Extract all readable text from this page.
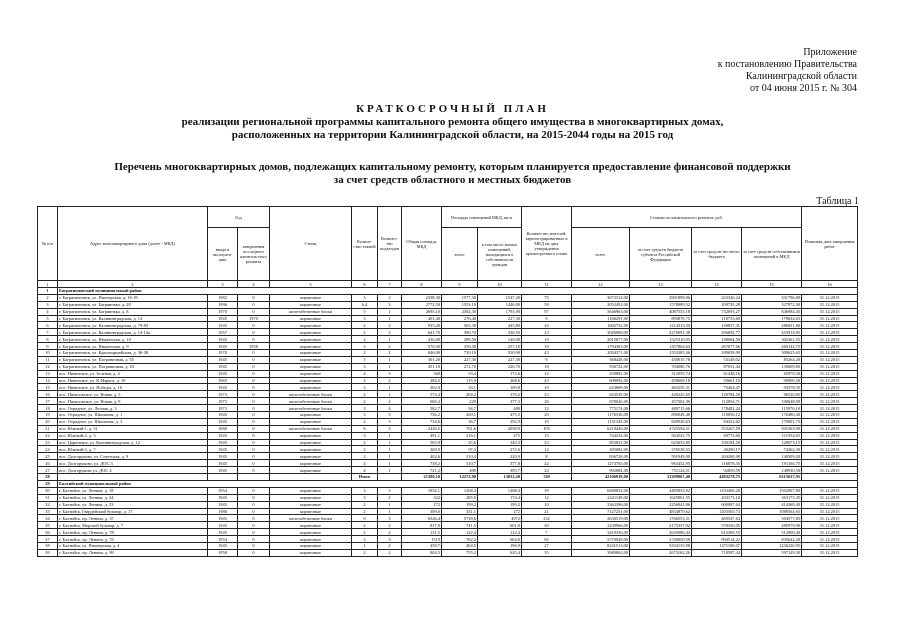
Приложение
к постановлению Правительства
Калининградской области
от 04 июня 2015 г. № 304
КРАТКОСРОЧНЫЙ ПЛАН
реализации региональной программы капитального ремонта общего имущества в многоквартирных домах,
расположенных на территории Калининградской области, на 2015-2044 годы на 2015 год
Перечень многоквартирных домов, подлежащих капитальному ремонту, которым планируется предоставление финансовой поддержки
за счет средств областного и местных бюджетов
Таблица 1
№ п/п	Адрес многоквартирного дома (далее - МКД)	Год		Стены	Количе-ство этажей	Количес-тво подъездов	Общая площадь МКД	Площадь помещений МКД, кв.м		Количество жителей, зарегистрированных в МКД на дату утверждения краткосрочного плана	Стоимость капитального ремонта, руб.				Плановая дата завершения работ
		ввода в эксплуата-цию	завершения последнего капиталь-ного ремонта					всего	в том числе жилых помещений, находящихся в собственности граждан		всего	за счет средств бюджета субъекта Российской Федерации	за счет средств местного бюджета	за счет средств собственников помещений в МКД	
1	2	3	4	5	6	7	8	9	10	11	12	13	14	15	16
1	Багратионовский муниципальный район														
2	г. Багратионовск, ул. Пионерская, д. 16-18	1982	0	кирпичные	3	2	2338,30	1577,30	1547,20	75	3672312,00	2901898,06	223326,24	331796,80	31.12.2015
3	г. Багратионовск, ул. Багряновка, д. 28	1996	0	кирпичные	6,4	3	2772,50	1553,10	1446,00	59	2052492,00	1578089,52	209735,28	327872,30	31.12.2015
4	г. Багратионовск, ул. Багряновка, д. 8	1970	0	железобетонные блоки	5	1	2693,10	2302,30	1793,00	97	5646963,00	4087555,18	732093,27	846984,45	31.12.2015
5	г. Багратионовск, ул. Калининградская, д. 14	1945	1970	кирпичные	3	1	401,40	276,40	227,30	9	1166291,00	895870,75	110753,60	179634,65	31.12.2015
6	г. Багратионовск, ул. Калининградская, д. 79-83	1945	0	кирпичные	2	2	935,20	565,30	445,80	24	1602752,00	1214313,30	149857,31	286031,80	31.12.2015
7	г. Багратионовск, ул. Калининградская, д. 14-14а	1957	0	кирпичные	2	3	641,70	390,70	338,50	23	3026080,00	2276091,38	296692,77	453914,85	31.12.2015
8	г. Багратионовск, ул. Инжинская, д. 10	1945	0	кирпичные	2	1	436,00	289,50	148,00	19	2015877,00	1525310,95	188064,50	302361,55	31.12.2015
9	г. Багратионовск, ул. Инжинская, д. 9	1945	1956	кирпичные	3	2	570,30	359,30	257,10	19	1794383,00	1357864,63	267077,66	269142,75	31.12.2015
10	г. Багратионовск, ул. Красноармейская, д. 36-38	1970	0	кирпичные	2	2	846,00	739,10	550,90	43	2054371,00	1553385,36	189659,99	309625,65	31.12.2015
11	г. Багратионовск, ул. Пограничная, д. 55	1945	0	кирпичные	3	1	301,20	227,30	227,30	8	568428,00	430015,78	53148,02	85264,20	31.12.2015
12	г. Багратионовск, ул. Пограничная, д. 63	1945	0	кирпичные	3	1	451,10	272,70	226,70	18	930732,00	704080,76	87031,44	139609,80	31.12.2015
13	пос. Нивенское, ул. Зеленая, д. 4	1945	0	кирпичные	4	3	360	93,4	172,6	12	439882,00	312055,74	61448,16	65970,30	31.12.2015
14	пос. Нивенское, ул. К.Маркса, д. 10	1965	0	кирпичные	4	2	284,5	115,9	268,6	23	609092,00	458669,18	59661,10	90900,30	31.12.2015
15	пос. Нивенское, ул. Победы, д. 16	1945	0	кирпичные	3	1	202,9	33,1	169,8	10	623869,00	465255,31	75464,47	93578,35	31.12.2015
16	пос. Пятиловское, ул. Новая, д. 5	1973	0	железобетонные блоки	2	1	574,4	204,2	370,2	23	643539,00	420225,65	120784,50	96530,85	31.12.2015
17	пос. Пятиловское, ул. Новая, д. 8	1973	0	железобетонные блоки	2	2	606,3	229	377,3	26	670026,00	457302,39	112094,71	100638,90	31.12.2015
18	пос. Отрадное, ул. Лесная, д. 3	1973	0	железобетонные блоки	3	4	582,7	94,7	489	12	775174,00	480715,66	178482,24	115976,10	31.12.2015
19	пос. Отрадное, ул. Школьная, д. 1	1945	0	кирпичные	3	3	736,2	260,1	475,5	20	1176536,00	890049,48	110056,12	176480,40	31.12.2015
20	пос. Отрадное, ул. Школьная, д. 3	1945	0	кирпичные	2	3	734,6	36,7	292,9	19	1131345,00	849920,63	84322,62	170001,75	31.12.2015
21	пос. Южный-1, д. 51	1980	0	железобетонные блоки	6	3	2420,5	761,6	2058,9	105	6210426,00	4725594,51	553267,59	931563,90	31.12.2015
22	пос. Южный-2, д. 3	1945	0	кирпичные	3	1	491,1	216,1	275	15	744233,00	564523,75	69772,60	111934,65	31.12.2015
23	пос. Царичекое, ул. Калининградская, д. 12	1945	0	кирпичные	2	1	565,9	25,6	340,3	23	853821,00	625633,85	100184,50	128073,15	31.12.2015
24	пос. Южный-2, д. 7	1945	0	кирпичные	2	1	369,9	97,3	272,6	12	495082,00	376529,53	46290,17	74262,30	31.12.2015
25	пос. Долгоруково, ул. Советская, д. 9	1945	0	кирпичные	2	1	402,6	310,4	220,9	8	836728,00	591949,00	204268,98	140509,20	31.12.2015
26	пос. Долгоруково, ул. ДОС 3	1945	0	кирпичные	4	1	738,2	510,7	377,8	22	1273765,00	963452,95	116078,35	191104,75	31.12.2015
27	пос. Долгоруково ул. ДОС 4	1945	0	кирпичные	4	1	721,2	490	395,7	24	992884,00	751124,51	92859,59	148930,50	31.12.2015
28					Итого		21380,10	12272,90	13032,20	749	42106919,00	31299867,40	4493278,75	6315637,95	
29	Балтийский муниципальный район														
30	г. Балтийск, ул. Ленина, д. 18	1954	0	кирпичные	3	3	1852,1	1268,4	1268,4	39	6680832,00	4485833,92	1193460,28	1502907,80	31.12.2015
31	г. Балтийск, ул. Ленина, д. 24	1945	0	кирпичные	3	2	322	285,9	174,4	12	2421149,00	1625001,55	433173,10	363173,35	31.12.2015
32	г. Балтийск, ул. Ленина, д. 23	1945	0	кирпичные	2	1	272	199,2	199,2	10	3362396,00	2256941,86	600087,64	414369,40	31.12.2015
33	г. Балтийск, Гвардейский бульвар, д. 17	1986	0	кирпичные	2	1	399,6	331,1	272	21	7127251,00	4834870,62	1203565,73	1088564,65	31.12.2015
34	г. Балтийск, пр. Ленина, д. 37	1945	0	железобетонные блоки	9	3	6526,4	5718,6	4972	232	2630519,00	1766553,31	469547,64	394577,85	31.12.2015
35	г. Балтийск, Морской бульвар, д. 7	1945	0	кирпичные	2	2	817,9	741,5	601,9	30	3239966,00	2175337,02	578336,05	485979,90	31.12.2015
36	г. Балтийск, пр. Ленина, д. 78	1945	0	кирпичные	2	2	131,5	122,4	122,4	7	3419336,00	2635086,44	612369,55	512900,40	31.12.2015
37	г. Балтийск, пр. Ленина, д. 75	1954	0	кирпичные	3	3	1519	762,2	664,6	92	5570948,00	3740050,58	994514,22	835642,20	31.12.2015
38	г. Балтийск, ул. Пионерская, д. 4	1945	0	кирпичные	1	2	458,7	404,9	196,9	27	8241513,00	5534135,98	1471100,07	1236226,95	31.12.2015
39	г. Балтийск, пр. Ленина, д. 99	1958	0	кирпичные	2	2	804,5	755,2	625,4	35	3980862,00	2673162,26	710587,44	597129,30	31.12.2015
